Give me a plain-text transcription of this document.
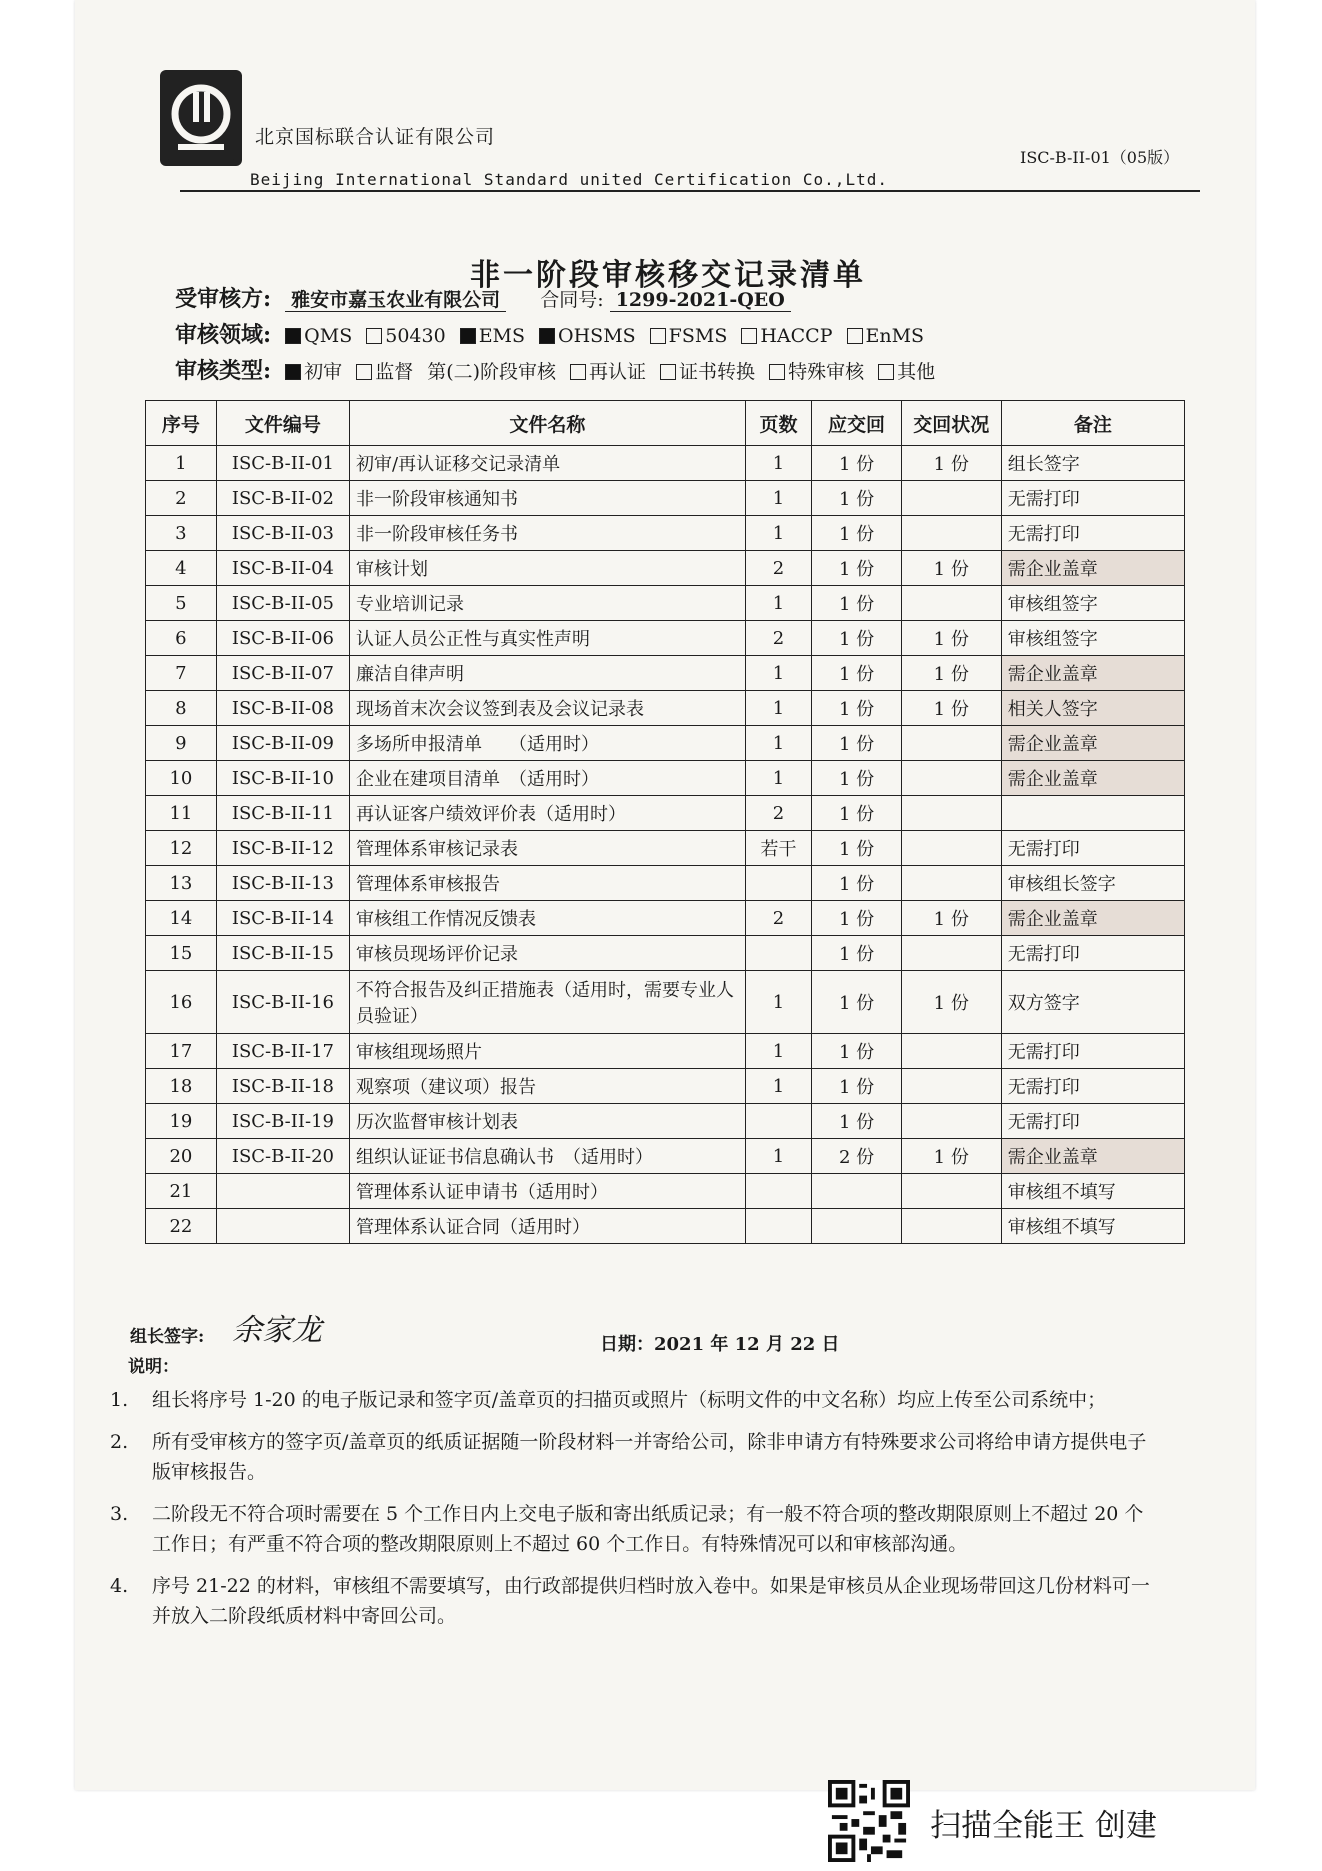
北京国标联合认证有限公司
Beijing International Standard united Certification Co.,Ltd.
ISC-B-II-01（05版）
非一阶段审核移交记录清单
受审核方: 雅安市嘉玉农业有限公司 合同号: 1299-2021-QEO
审核领域: QMS 50430 EMS OHSMS FSMS HACCP EnMS
审核类型: 初审 监督 第(二)阶段审核 再认证 证书转换 特殊审核 其他
序号	文件编号	文件名称	页数	应交回	交回状况	备注
1	ISC-B-II-01	初审/再认证移交记录清单	1	1 份	1 份	组长签字
2	ISC-B-II-02	非一阶段审核通知书	1	1 份		无需打印
3	ISC-B-II-03	非一阶段审核任务书	1	1 份		无需打印
4	ISC-B-II-04	审核计划	2	1 份	1 份	需企业盖章
5	ISC-B-II-05	专业培训记录	1	1 份		审核组签字
6	ISC-B-II-06	认证人员公正性与真实性声明	2	1 份	1 份	审核组签字
7	ISC-B-II-07	廉洁自律声明	1	1 份	1 份	需企业盖章
8	ISC-B-II-08	现场首末次会议签到表及会议记录表	1	1 份	1 份	相关人签字
9	ISC-B-II-09	多场所申报清单　　（适用时）	1	1 份		需企业盖章
10	ISC-B-II-10	企业在建项目清单　（适用时）	1	1 份		需企业盖章
11	ISC-B-II-11	再认证客户绩效评价表（适用时）	2	1 份		
12	ISC-B-II-12	管理体系审核记录表	若干	1 份		无需打印
13	ISC-B-II-13	管理体系审核报告		1 份		审核组长签字
14	ISC-B-II-14	审核组工作情况反馈表	2	1 份	1 份	需企业盖章
15	ISC-B-II-15	审核员现场评价记录		1 份		无需打印
16	ISC-B-II-16	不符合报告及纠正措施表（适用时，需要专业人员验证）	1	1 份	1 份	双方签字
17	ISC-B-II-17	审核组现场照片	1	1 份		无需打印
18	ISC-B-II-18	观察项（建议项）报告	1	1 份		无需打印
19	ISC-B-II-19	历次监督审核计划表		1 份		无需打印
20	ISC-B-II-20	组织认证证书信息确认书　（适用时）	1	2 份	1 份	需企业盖章
21		管理体系认证申请书（适用时）				审核组不填写
22		管理体系认证合同（适用时）				审核组不填写
组长签字: 余家龙	日期：2021 年 12 月 22 日
说明：
1.	组长将序号 1-20 的电子版记录和签字页/盖章页的扫描页或照片（标明文件的中文名称）均应上传至公司系统中；
2.	所有受审核方的签字页/盖章页的纸质证据随一阶段材料一并寄给公司，除非申请方有特殊要求公司将给申请方提供电子版审核报告。
3.	二阶段无不符合项时需要在 5 个工作日内上交电子版和寄出纸质记录；有一般不符合项的整改期限原则上不超过 20 个工作日；有严重不符合项的整改期限原则上不超过 60 个工作日。有特殊情况可以和审核部沟通。
4.	序号 21-22 的材料，审核组不需要填写，由行政部提供归档时放入卷中。如果是审核员从企业现场带回这几份材料可一并放入二阶段纸质材料中寄回公司。
扫描全能王 创建
